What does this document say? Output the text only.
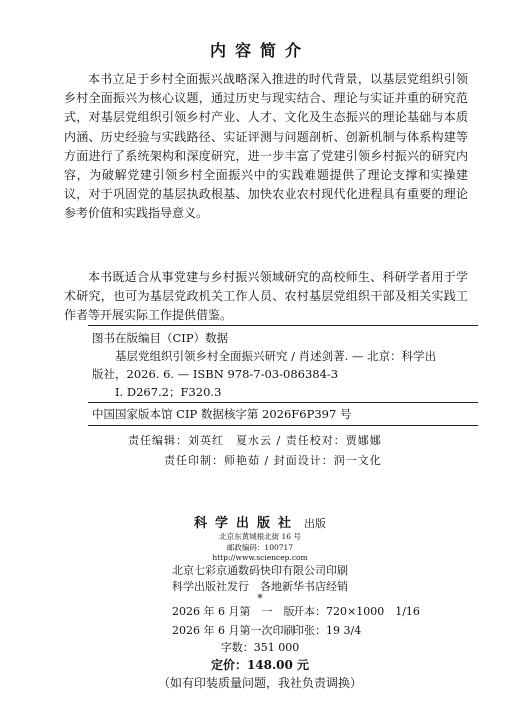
内容简介
本书立足于乡村全面振兴战略深入推进的时代背景，以基层党组织引领乡村全面振兴为核心议题，通过历史与现实结合、理论与实证并重的研究范式，对基层党组织引领乡村产业、人才、文化及生态振兴的理论基础与本质内涵、历史经验与实践路径、实证评测与问题剖析、创新机制与体系构建等方面进行了系统架构和深度研究，进一步丰富了党建引领乡村振兴的研究内容，为破解党建引领乡村全面振兴中的实践难题提供了理论支撑和实操建议，对于巩固党的基层执政根基、加快农业农村现代化进程具有重要的理论参考价值和实践指导意义。
本书既适合从事党建与乡村振兴领域研究的高校师生、科研学者用于学术研究，也可为基层党政机关工作人员、农村基层党组织干部及相关实践工作者等开展实际工作提供借鉴。
图书在版编目（CIP）数据
基层党组织引领乡村全面振兴研究 / 肖述剑著. — 北京：科学出
版社，2026. 6. — ISBN 978-7-03-086384-3
Ⅰ. D267.2；F320.3
中国国家版本馆 CIP 数据核字第 2026F6P397 号
责任编辑：刘英红　夏水云 / 责任校对：贾娜娜
责任印制：师艳茹 / 封面设计：润一文化
科学出版社 出版
北京东黄城根北街 16 号
邮政编码：100717
http://www.sciencep.com
北京七彩京通数码快印有限公司印刷
科学出版社发行　各地新华书店经销
*
2026 年 6 月第　一　版
开本：720×1000　1/16
2026 年 6 月第一次印刷
印张：19 3/4
字数：351 000
定价：148.00 元
（如有印装质量问题，我社负责调换）
